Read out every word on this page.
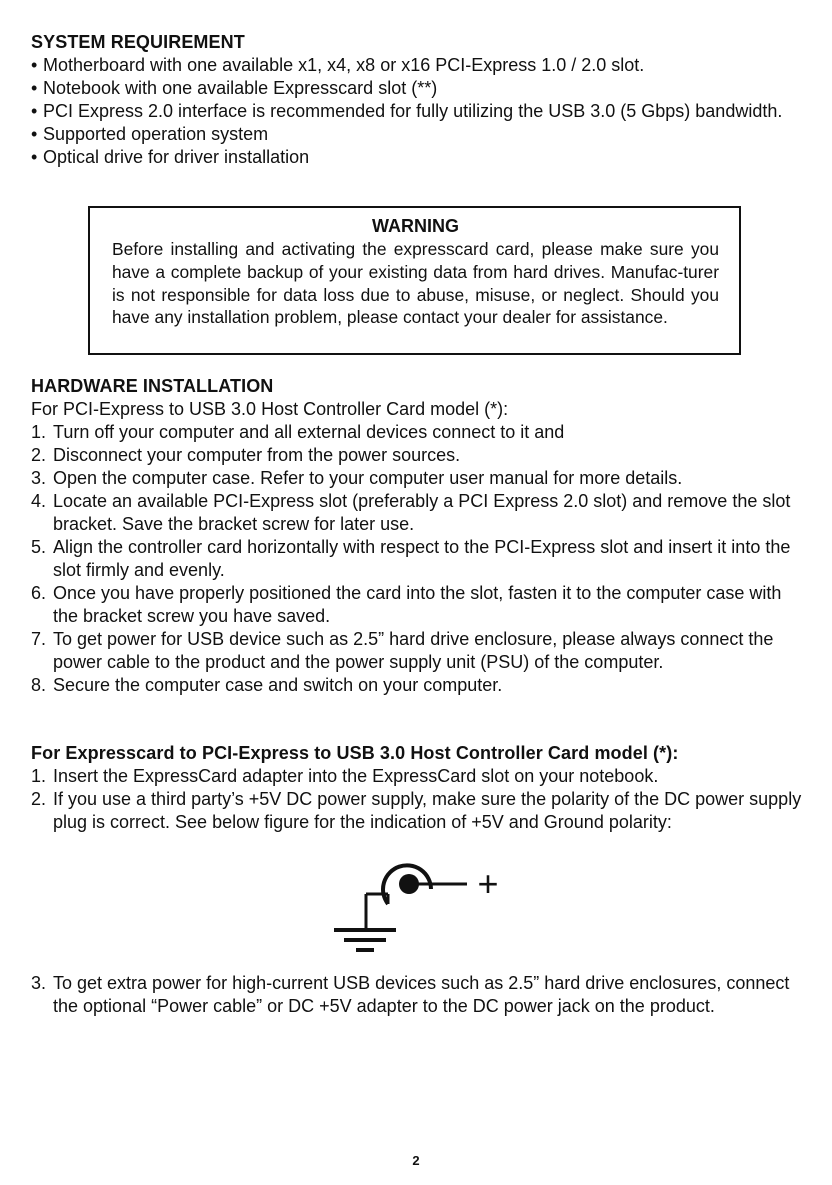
SYSTEM REQUIREMENT
• Motherboard with one available x1, x4, x8 or x16 PCI-Express 1.0 / 2.0 slot.
• Notebook with one available Expresscard slot (**)
• PCI Express 2.0 interface is recommended for fully utilizing the USB 3.0 (5 Gbps) bandwidth.
• Supported operation system
• Optical drive for driver installation
WARNING
Before installing and activating the expresscard card, please make sure you have a complete backup of your existing data from hard drives. Manufac-turer is not responsible for data loss due to abuse, misuse, or neglect. Should you have any installation problem, please contact your dealer for assistance.
HARDWARE INSTALLATION
For PCI-Express to USB 3.0 Host Controller Card model (*):
1. Turn off your computer and all external devices connect to it and
2. Disconnect your computer from the power sources.
3. Open the computer case. Refer to your computer user manual for more details.
4. Locate an available PCI-Express slot (preferably a PCI Express 2.0 slot) and remove the slot bracket. Save the bracket screw for later use.
5. Align the controller card horizontally with respect to the PCI-Express slot and insert it into the slot firmly and evenly.
6. Once you have properly positioned the card into the slot, fasten it to the computer case with the bracket screw you have saved.
7. To get power for USB device such as 2.5” hard drive enclosure, please always connect the power cable to the product and the power supply unit (PSU) of the computer.
8. Secure the computer case and switch on your computer.
For Expresscard to PCI-Express to USB 3.0 Host Controller Card model (*):
1. Insert the ExpressCard adapter into the ExpressCard slot on your notebook.
2. If you use a third party’s +5V DC power supply, make sure the polarity of the DC power supply plug is correct. See below figure for the indication of +5V and Ground polarity:
+
3. To get extra power for high-current USB devices such as 2.5” hard drive enclosures, connect the optional “Power cable” or DC +5V adapter to the DC power jack on the product.
2
